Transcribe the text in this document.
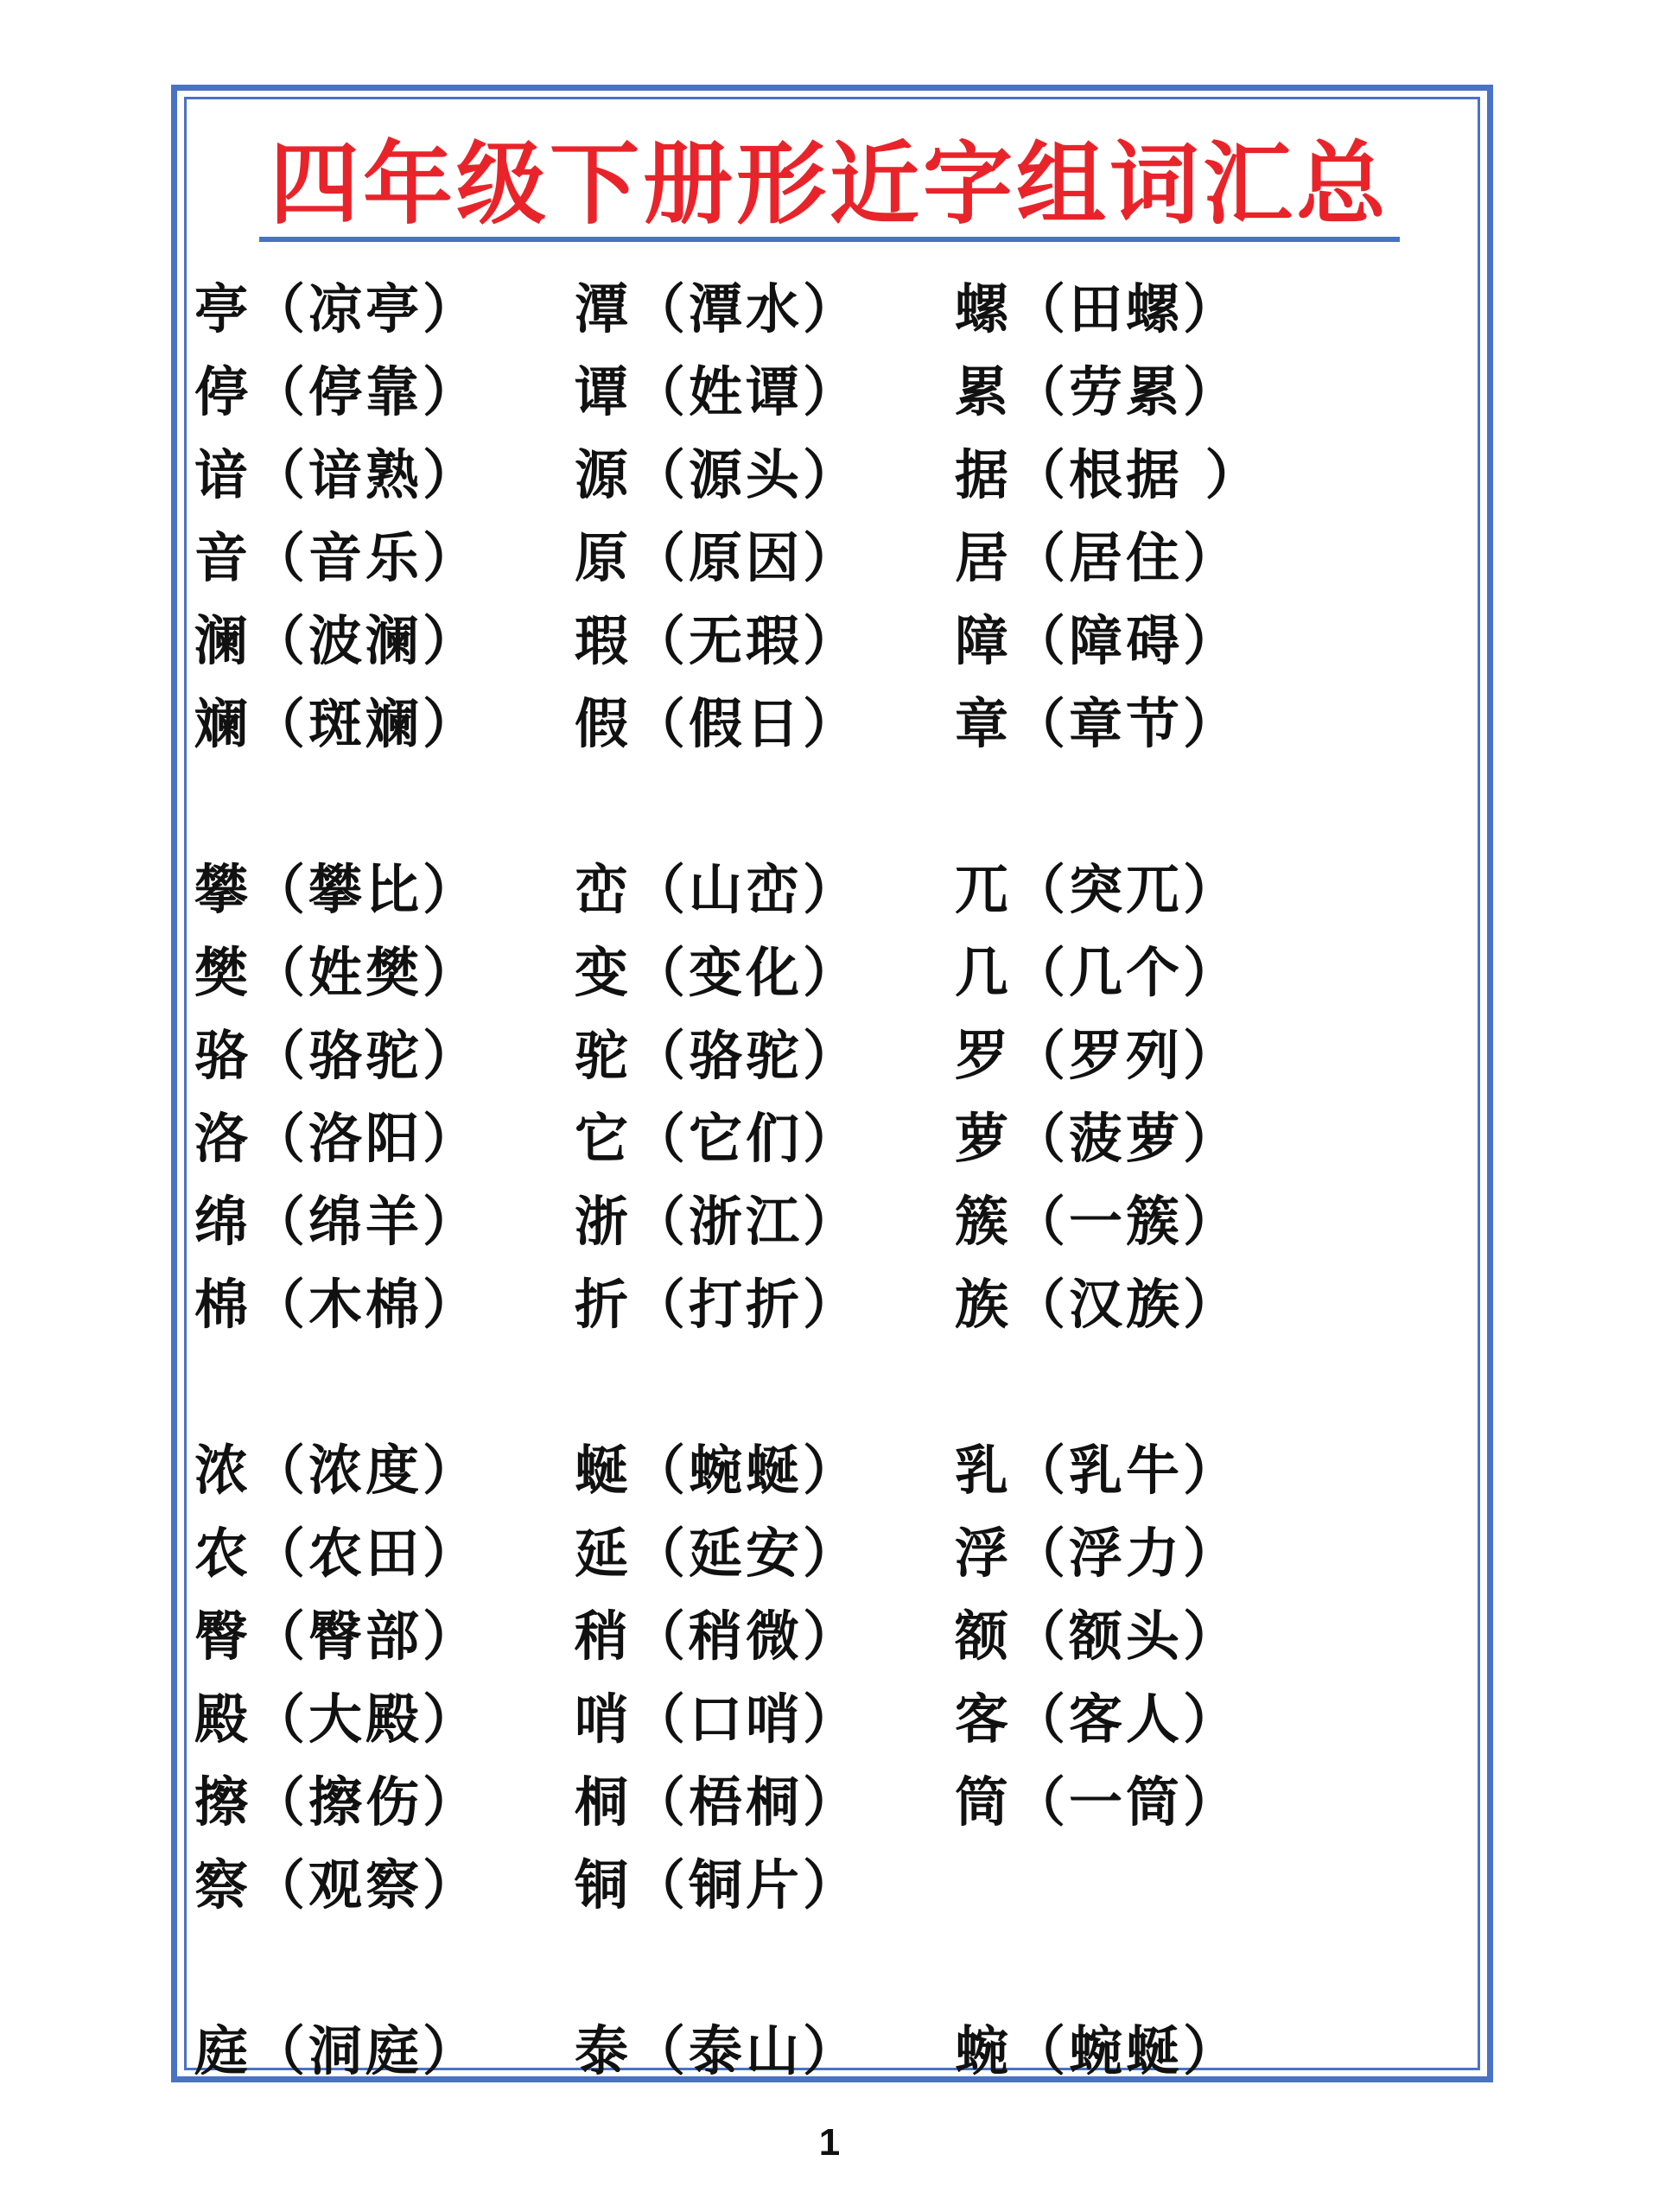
四年级下册形近字组词汇总
亭（凉亭） 潭（潭水） 螺（田螺）
停（停靠） 谭（姓谭） 累（劳累）
谙（谙熟） 源（源头） 据（根据 ）
音（音乐） 原（原因） 居（居住）
澜（波澜） 瑕（无瑕） 障（障碍）
斓（斑斓） 假（假日） 章（章节）
攀（攀比） 峦（山峦） 兀（突兀）
樊（姓樊） 变（变化） 几（几个）
骆（骆驼） 驼（骆驼） 罗（罗列）
洛（洛阳） 它（它们） 萝（菠萝）
绵（绵羊） 浙（浙江） 簇（一簇）
棉（木棉） 折（打折） 族（汉族）
浓（浓度） 蜒（蜿蜒） 乳（乳牛）
农（农田） 延（延安） 浮（浮力）
臀（臀部） 稍（稍微） 额（额头）
殿（大殿） 哨（口哨） 客（客人）
擦（擦伤） 桐（梧桐） 筒（一筒）
察（观察） 铜（铜片）
庭（洞庭） 泰（泰山） 蜿（蜿蜒）
1
